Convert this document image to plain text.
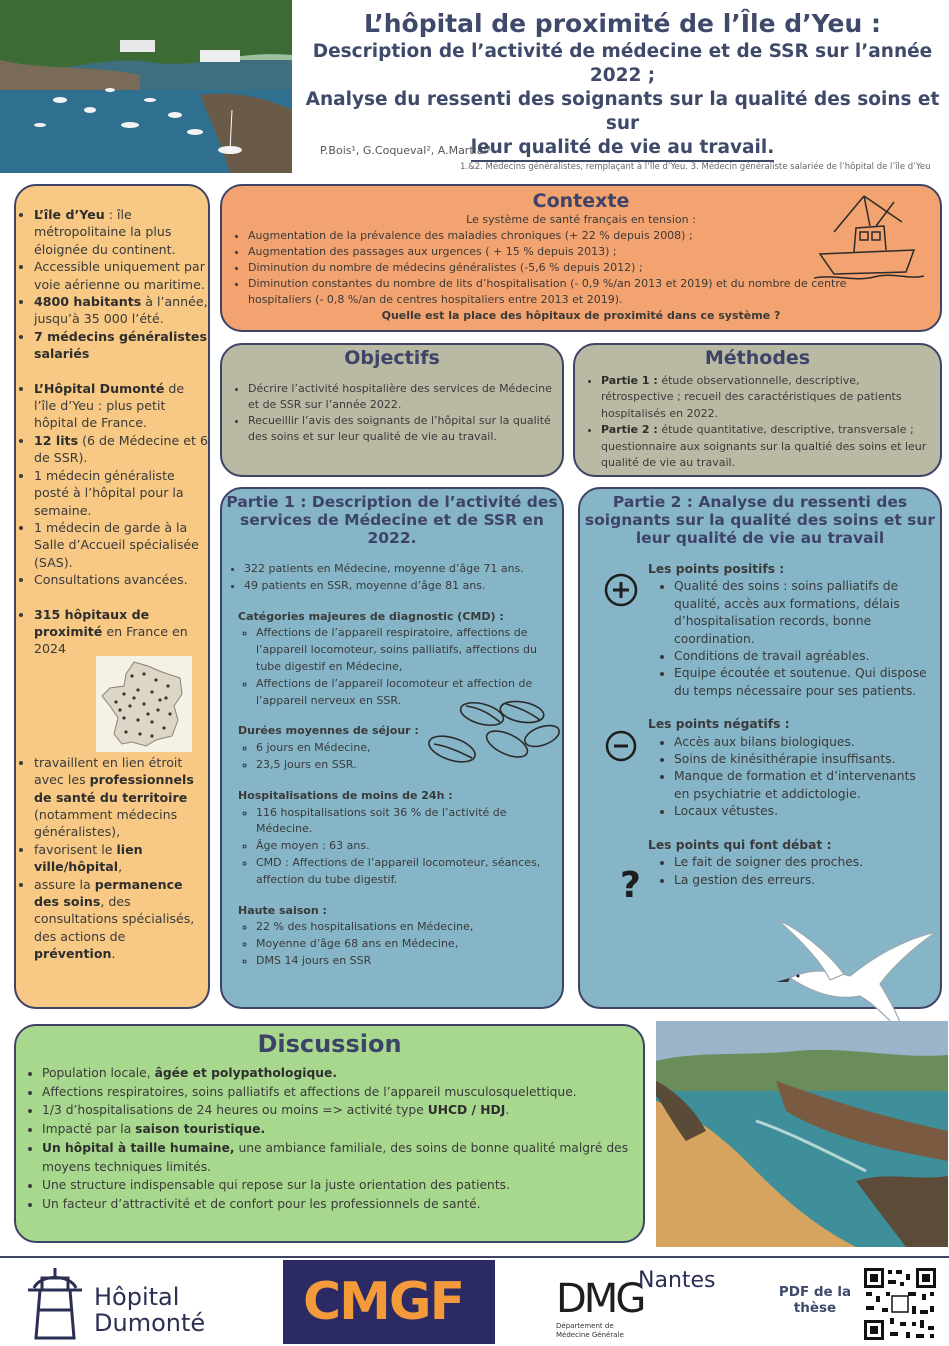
L’hôpital de proximité de l’Île d’Yeu :
Description de l’activité de médecine et de SSR sur l’année 2022 ;
Analyse du ressenti des soignants sur la qualité des soins et sur
leur qualité de vie au travail.
P.Bois¹, G.Coqueval², A.Martial³
1.&2. Médecins généralistes, remplaçant à l’île d’Yeu. 3. Médecin généraliste salariée de l’hôpital de l’île d’Yeu
• L’île d’Yeu : île métropolitaine la plus éloignée du continent.
• Accessible uniquement par voie aérienne ou maritime.
• 4800 habitants à l’année, jusqu’à 35 000 l’été.
• 7 médecins généralistes salariés
• L’Hôpital Dumonté de l’île d’Yeu : plus petit hôpital de France.
• 12 lits (6 de Médecine et 6 de SSR).
• 1 médecin généraliste posté à l’hôpital pour la semaine.
• 1 médecin de garde à la Salle d’Accueil spécialisée (SAS).
• Consultations avancées.
• 315 hôpitaux de proximité en France en 2024
• travaillent en lien étroit avec les professionnels de santé du territoire (notamment médecins généralistes),
• favorisent le lien ville/hôpital,
• assure la permanence des soins, des consultations spécialisés, des actions de prévention.
Contexte
Le système de santé français en tension :
• Augmentation de la prévalence des maladies chroniques (+ 22 % depuis 2008) ;
• Augmentation des passages aux urgences ( + 15 % depuis 2013) ;
• Diminution du nombre de médecins généralistes (-5,6 % depuis 2012) ;
• Diminution constantes du nombre de lits d’hospitalisation (- 0,9 %/an 2013 et 2019) et du nombre de centre hospitaliers (- 0,8 %/an de centres hospitaliers entre 2013 et 2019).
Quelle est la place des hôpitaux de proximité dans ce système ?
Objectifs
• Décrire l’activité hospitalière des services de Médecine et de SSR sur l’année 2022.
• Recueillir l’avis des soignants de l’hôpital sur la qualité des soins et sur leur qualité de vie au travail.
Méthodes
• Partie 1 : étude observationnelle, descriptive, rétrospective ; recueil des caractéristiques de patients hospitalisés en 2022.
• Partie 2 : étude quantitative, descriptive, transversale ; questionnaire aux soignants sur la qualtié des soins et leur qualité de vie au travail.
Partie 1 : Description de l’activité des services de Médecine et de SSR en 2022.
• 322 patients en Médecine, moyenne d’âge 71 ans.
• 49 patients en SSR, moyenne d’âge 81 ans.
Catégories majeures de diagnostic (CMD) :
◦ Affections de l’appareil respiratoire, affections de l’appareil locomoteur, soins palliatifs, affections du tube digestif en Médecine,
◦ Affections de l’appareil locomoteur et affection de l’appareil nerveux en SSR.
Durées moyennes de séjour :
◦ 6 jours en Médecine,
◦ 23,5 jours en SSR.
Hospitalisations de moins de 24h :
◦ 116 hospitalisations soit 36 % de l’activité de Médecine.
◦ Âge moyen : 63 ans.
◦ CMD : Affections de l’appareil locomoteur, séances, affection du tube digestif.
Haute saison :
◦ 22 % des hospitalisations en Médecine,
◦ Moyenne d’âge 68 ans en Médecine,
◦ DMS 14 jours en SSR
Partie 2 : Analyse du ressenti des soignants sur la qualité des soins et sur leur qualité de vie au travail
Les points positifs :
• Qualité des soins : soins palliatifs de qualité, accès aux formations, délais d’hospitalisation records, bonne coordination.
• Conditions de travail agréables.
• Equipe écoutée et soutenue. Qui dispose du temps nécessaire pour ses patients.
Les points négatifs :
• Accès aux bilans biologiques.
• Soins de kinésithérapie insuffisants.
• Manque de formation et d’intervenants en psychiatrie et addictologie.
• Locaux vétustes.
Les points qui font débat :
• Le fait de soigner des proches.
• La gestion des erreurs.
?
Discussion
• Population locale, âgée et polypathologique.
• Affections respiratoires, soins palliatifs et affections de l’appareil musculosquelettique.
• 1/3 d’hospitalisations de 24 heures ou moins => activité type UHCD / HDJ.
• Impacté par la saison touristique.
• Un hôpital à taille humaine, une ambiance familiale, des soins de bonne qualité malgré des moyens techniques limités.
• Une structure indispensable qui repose sur la juste orientation des patients.
• Un facteur d’attractivité et de confort pour les professionnels de santé.
Hôpital
Dumonté CMGF DMG
Nantes
Département de
Médecine Générale
PDF de la
thèse
